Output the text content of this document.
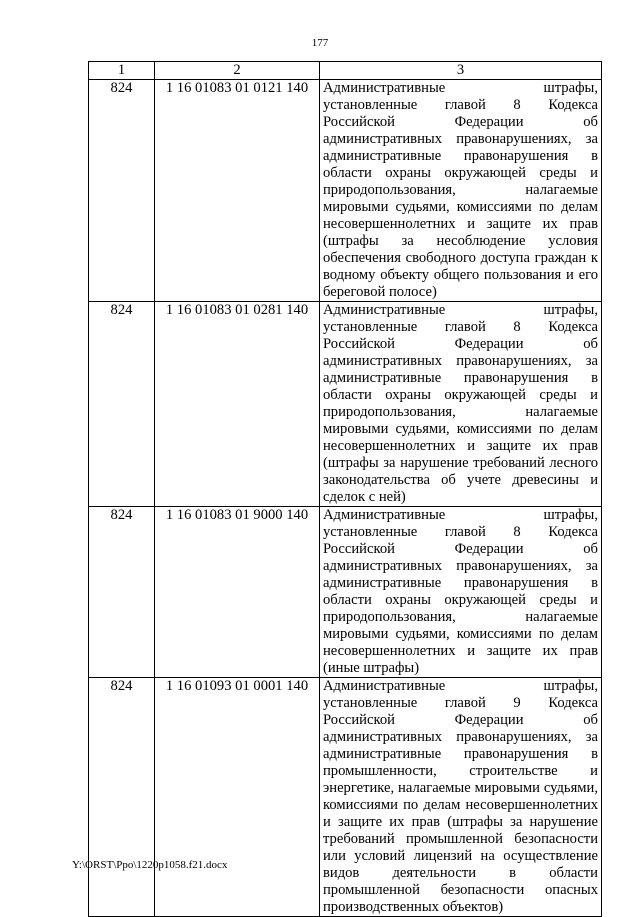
177
1	2	3
824	1 16 01083 01 0121 140	Административные штрафы, установленные главой 8 Кодекса Российской Федерации об административных правонарушениях, за административные правонарушения в области охраны окружающей среды и природопользования, налагаемые мировыми судьями, комиссиями по делам несовершеннолетних и защите их прав (штрафы за несоблюдение условия обеспечения свободного доступа граждан к водному объекту общего пользования и его береговой полосе)
824	1 16 01083 01 0281 140	Административные штрафы, установленные главой 8 Кодекса Российской Федерации об административных правонарушениях, за административные правонарушения в области охраны окружающей среды и природопользования, налагаемые мировыми судьями, комиссиями по делам несовершеннолетних и защите их прав (штрафы за нарушение требований лесного законодательства об учете древесины и сделок с ней)
824	1 16 01083 01 9000 140	Административные штрафы, установленные главой 8 Кодекса Российской Федерации об административных правонарушениях, за административные правонарушения в области охраны окружающей среды и природопользования, налагаемые мировыми судьями, комиссиями по делам несовершеннолетних и защите их прав (иные штрафы)
824	1 16 01093 01 0001 140	Административные штрафы, установленные главой 9 Кодекса Российской Федерации об административных правонарушениях, за административные правонарушения в промышленности, строительстве и энергетике, налагаемые мировыми судьями, комиссиями по делам несовершеннолетних и защите их прав (штрафы за нарушение требований промышленной безопасности или условий лицензий на осуществление видов деятельности в области промышленной безопасности опасных производственных объектов)
Y:\ORST\Ppo\1220p1058.f21.docx
